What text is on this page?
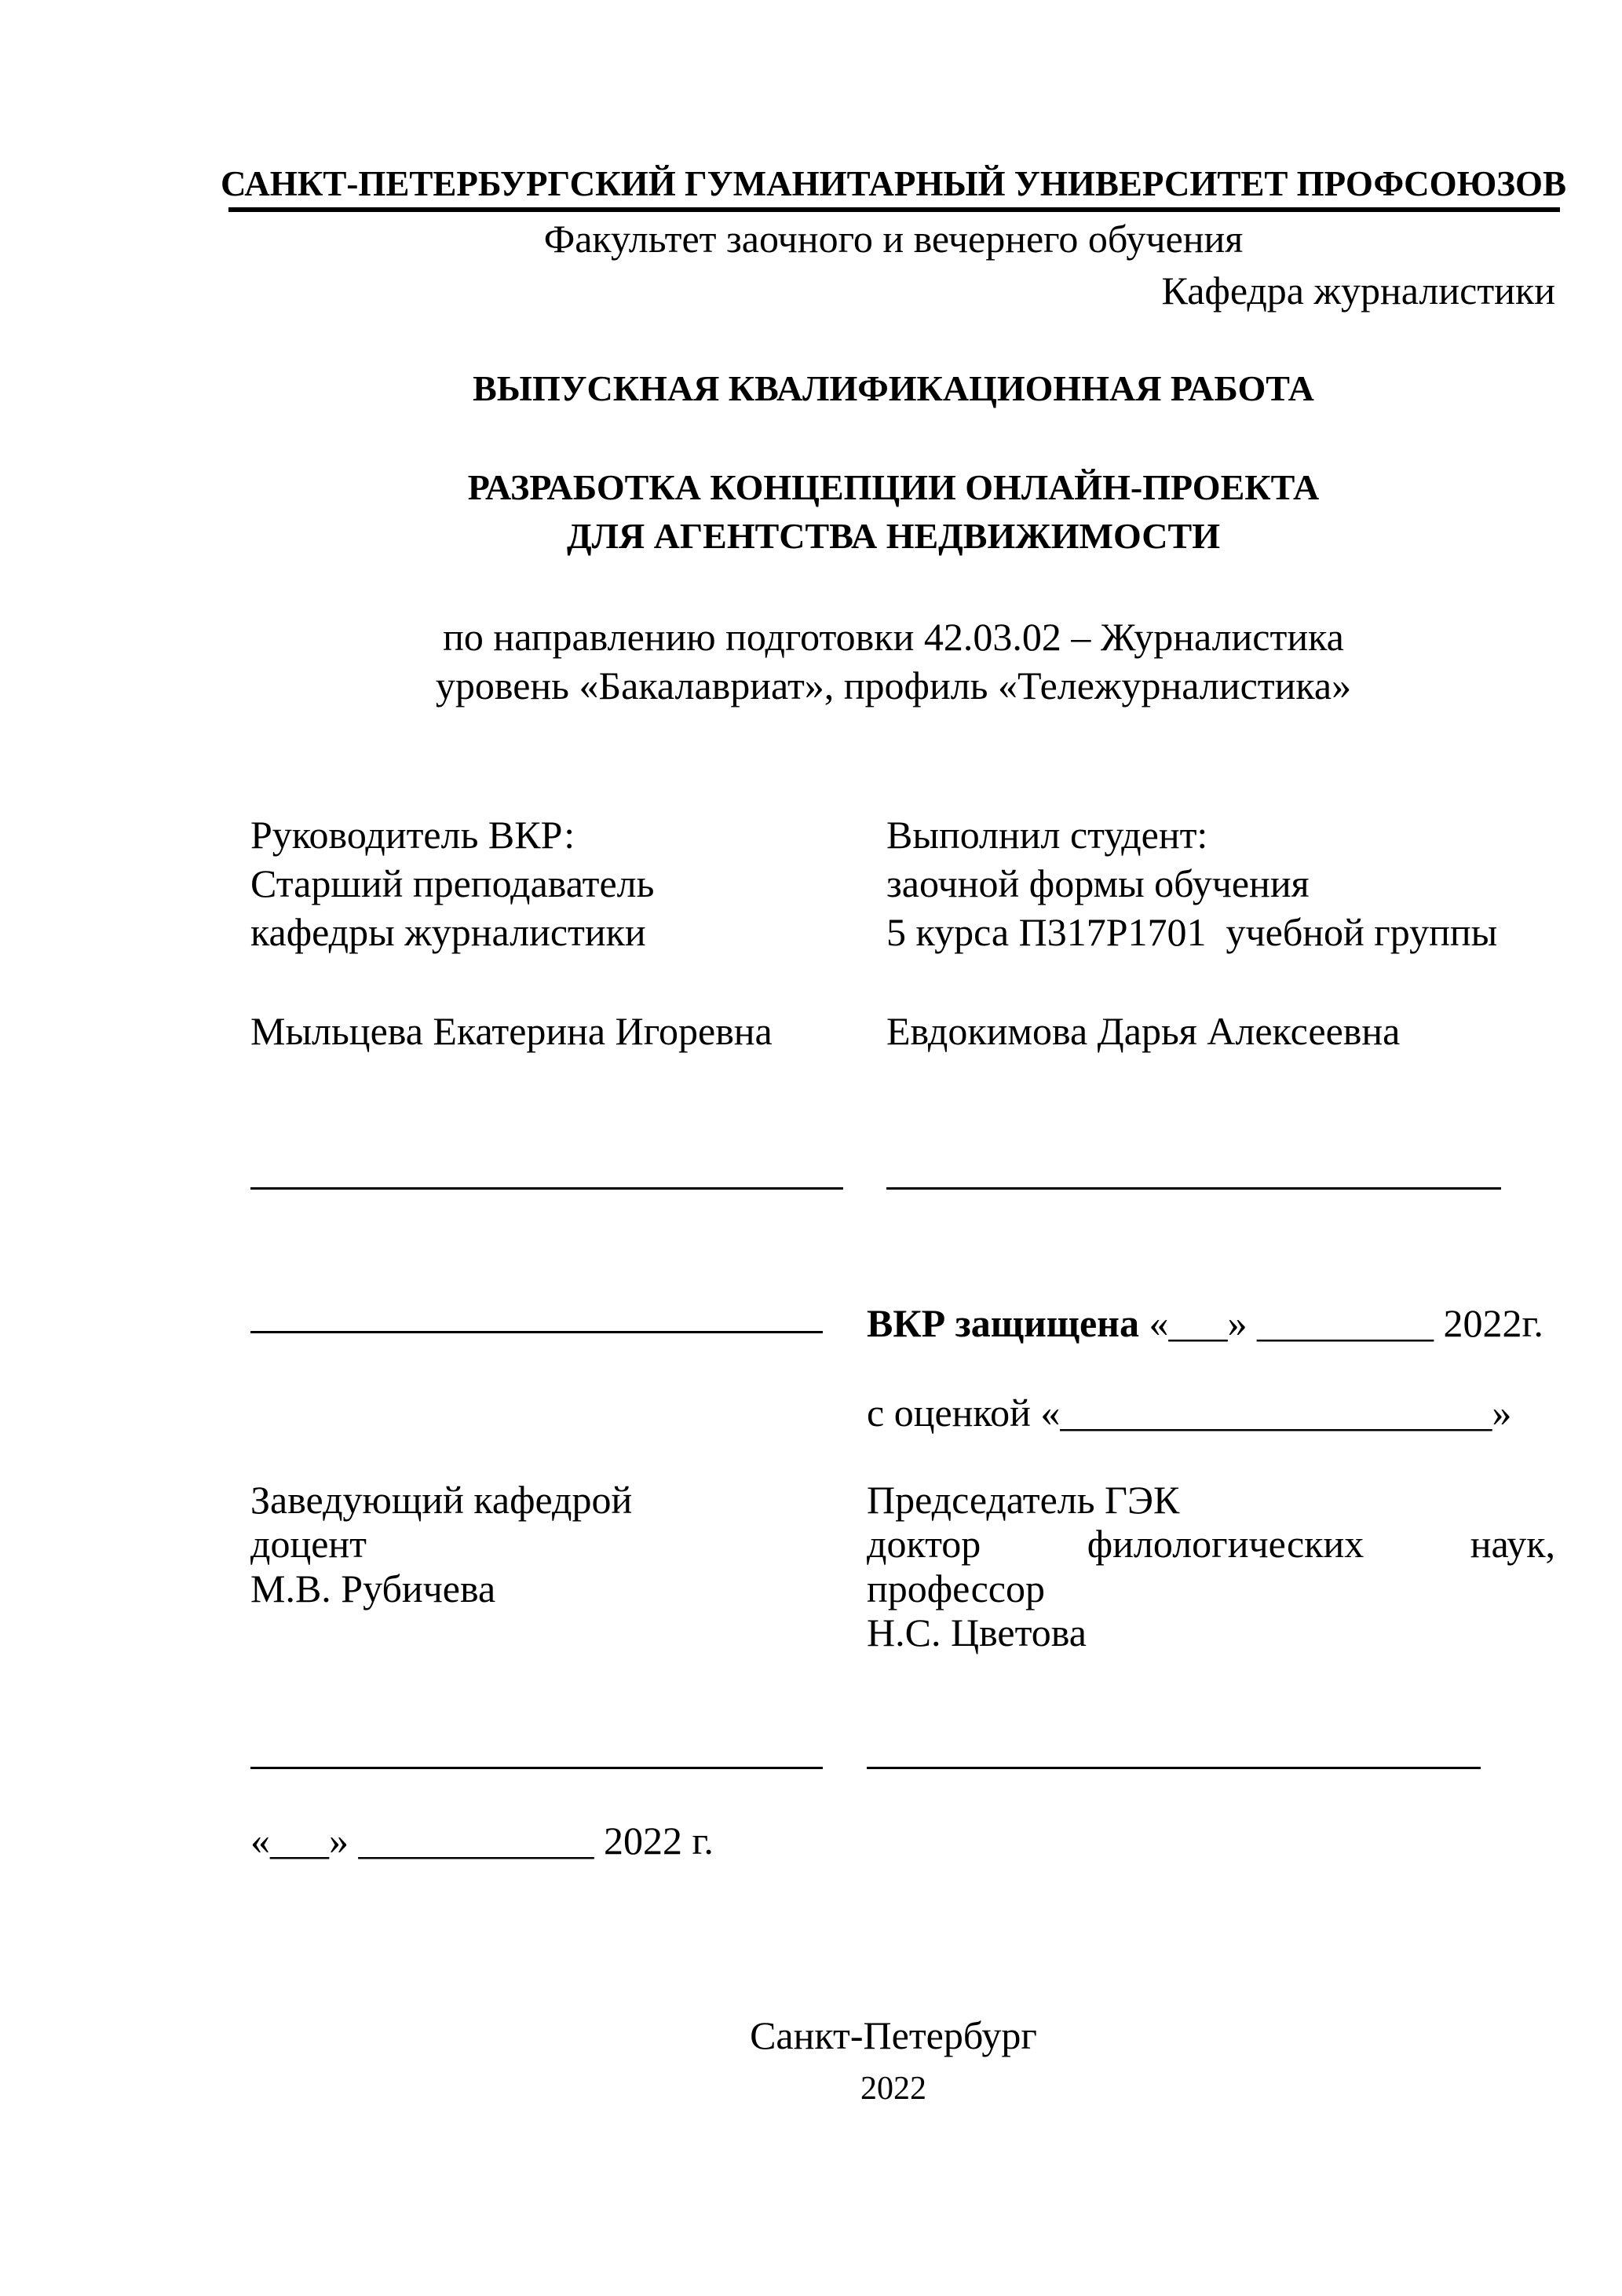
САНКТ-ПЕТЕРБУРГСКИЙ ГУМАНИТАРНЫЙ УНИВЕРСИТЕТ ПРОФСОЮЗОВ
Факультет заочного и вечернего обучения
Кафедра журналистики
ВЫПУСКНАЯ КВАЛИФИКАЦИОННАЯ РАБОТА
РАЗРАБОТКА КОНЦЕПЦИИ ОНЛАЙН-ПРОЕКТА
ДЛЯ АГЕНТСТВА НЕДВИЖИМОСТИ
по направлению подготовки 42.03.02 – Журналистика
уровень «Бакалавриат», профиль «Тележурналистика»
Руководитель ВКР:
Старший преподаватель
кафедры журналистики
Мыльцева Екатерина Игоревна
Выполнил студент:
заочной формы обучения
5 курса П317Р1701  учебной группы
Евдокимова Дарья Алексеевна
ВКР защищена «___» _________ 2022г.
с оценкой «______________________»
Заведующий кафедрой
доцент
М.В. Рубичева
Председатель ГЭК
доктор	филологических	наук,
профессор
Н.С. Цветова
«___» ____________ 2022 г.
Санкт-Петербург
2022
